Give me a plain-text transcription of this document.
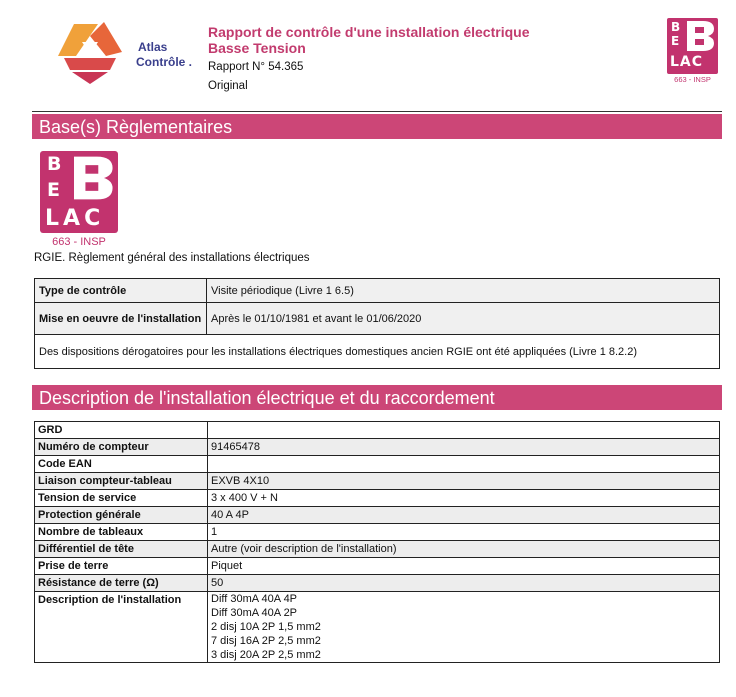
Atlas
Contrôle .
Rapport de contrôle d'une installation électrique
Basse Tension
Rapport N° 54.365
Original
B
E
LAC
663 - INSP
Base(s) Règlementaires
B
E
LAC
663 - INSP
RGIE. Règlement général des installations électriques
Type de contrôle	Visite périodique (Livre 1 6.5)
Mise en oeuvre de l'installation	Après le 01/10/1981 et avant le 01/06/2020
Des dispositions dérogatoires pour les installations électriques domestiques ancien RGIE ont été appliquées (Livre 1 8.2.2)	
Description de l'installation électrique et du raccordement
GRD	
Numéro de compteur	91465478
Code EAN	
Liaison compteur-tableau	EXVB 4X10
Tension de service	3 x 400 V + N
Protection générale	40 A 4P
Nombre de tableaux	1
Différentiel de tête	Autre (voir description de l'installation)
Prise de terre	Piquet
Résistance de terre (Ω)	50
Description de l'installation	Diff 30mA 40A 4P
Diff 30mA 40A 2P
2 disj 10A 2P 1,5 mm2
7 disj 16A 2P 2,5 mm2
3 disj 20A 2P 2,5 mm2
